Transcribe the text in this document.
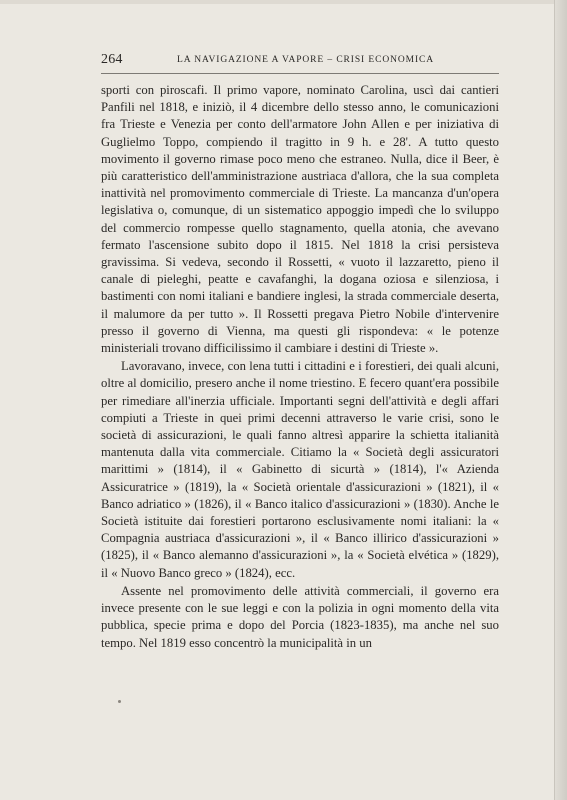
264	LA NAVIGAZIONE A VAPORE – CRISI ECONOMICA

sporti con piroscafi. Il primo vapore, nominato Carolina, uscì dai cantieri Panfili nel 1818, e iniziò, il 4 dicembre dello stesso anno, le comunicazioni fra Trieste e Venezia per conto dell'armatore John Allen e per iniziativa di Guglielmo Toppo, compiendo il tragitto in 9 h. e 28'. A tutto questo movimento il governo rimase poco meno che estraneo. Nulla, dice il Beer, è più caratteristico dell'amministrazione austriaca d'allora, che la sua completa inattività nel promovimento commerciale di Trieste. La mancanza d'un'opera legislativa o, comunque, di un sistematico appoggio impedì che lo sviluppo del commercio rompesse quello stagnamento, quella atonia, che avevano fermato l'ascensione subito dopo il 1815. Nel 1818 la crisi persisteva gravissima. Si vedeva, secondo il Rossetti, « vuoto il lazzaretto, pieno il canale di pieleghi, peatte e cavafanghi, la dogana oziosa e silenziosa, i bastimenti con nomi italiani e bandiere inglesi, la strada commerciale deserta, il malumore da per tutto ». Il Rossetti pregava Pietro Nobile d'intervenire presso il governo di Vienna, ma questi gli rispondeva: « le potenze ministeriali trovano difficilissimo il cambiare i destini di Trieste ».

Lavoravano, invece, con lena tutti i cittadini e i forestieri, dei quali alcuni, oltre al domicilio, presero anche il nome triestino. E fecero quant'era possibile per rimediare all'inerzia ufficiale. Importanti segni dell'attività e degli affari compiuti a Trieste in quei primi decenni attraverso le varie crisi, sono le società di assicurazioni, le quali fanno altresì apparire la schietta italianità mantenuta dalla vita commerciale. Citiamo la « Società degli assicuratori marittimi » (1814), il « Gabinetto di sicurtà » (1814), l'« Azienda Assicuratrice » (1819), la « Società orientale d'assicurazioni » (1821), il « Banco adriatico » (1826), il « Banco italico d'assicurazioni » (1830). Anche le Società istituite dai forestieri portarono esclusivamente nomi italiani: la « Compagnia austriaca d'assicurazioni », il « Banco illirico d'assicurazioni » (1825), il « Banco alemanno d'assicurazioni », la « Società elvética » (1829), il « Nuovo Banco greco » (1824), ecc.

Assente nel promovimento delle attività commerciali, il governo era invece presente con le sue leggi e con la polizia in ogni momento della vita pubblica, specie prima e dopo del Porcia (1823-1835), ma anche nel suo tempo. Nel 1819 esso concentrò la municipalità in un
